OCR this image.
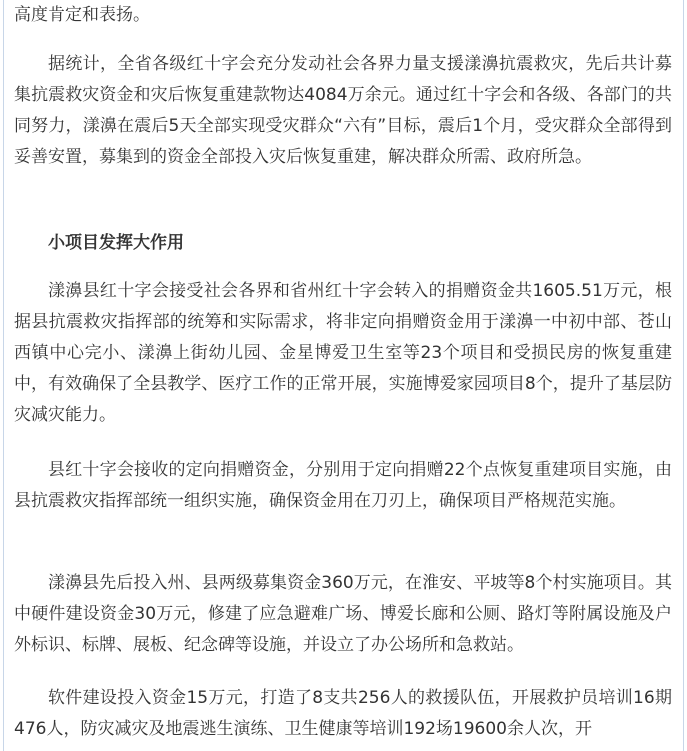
高度肯定和表扬。

据统计，全省各级红十字会充分发动社会各界力量支援漾濞抗震救灾，先后共计募集抗震救灾资金和灾后恢复重建款物达4084万余元。通过红十字会和各级、各部门的共同努力，漾濞在震后5天全部实现受灾群众“六有”目标，震后1个月，受灾群众全部得到妥善安置，募集到的资金全部投入灾后恢复重建，解决群众所需、政府所急。

小项目发挥大作用

漾濞县红十字会接受社会各界和省州红十字会转入的捐赠资金共1605.51万元，根据县抗震救灾指挥部的统筹和实际需求，将非定向捐赠资金用于漾濞一中初中部、苍山西镇中心完小、漾濞上街幼儿园、金星博爱卫生室等23个项目和受损民房的恢复重建中，有效确保了全县教学、医疗工作的正常开展，实施博爱家园项目8个，提升了基层防灾减灾能力。

县红十字会接收的定向捐赠资金，分别用于定向捐赠22个点恢复重建项目实施，由县抗震救灾指挥部统一组织实施，确保资金用在刀刃上，确保项目严格规范实施。

漾濞县先后投入州、县两级募集资金360万元，在淮安、平坡等8个村实施项目。其中硬件建设资金30万元，修建了应急避难广场、博爱长廊和公厕、路灯等附属设施及户外标识、标牌、展板、纪念碑等设施，并设立了办公场所和急救站。

软件建设投入资金15万元，打造了8支共256人的救援队伍，开展救护员培训16期476人，防灾减灾及地震逃生演练、卫生健康等培训192场19600余人次，开
